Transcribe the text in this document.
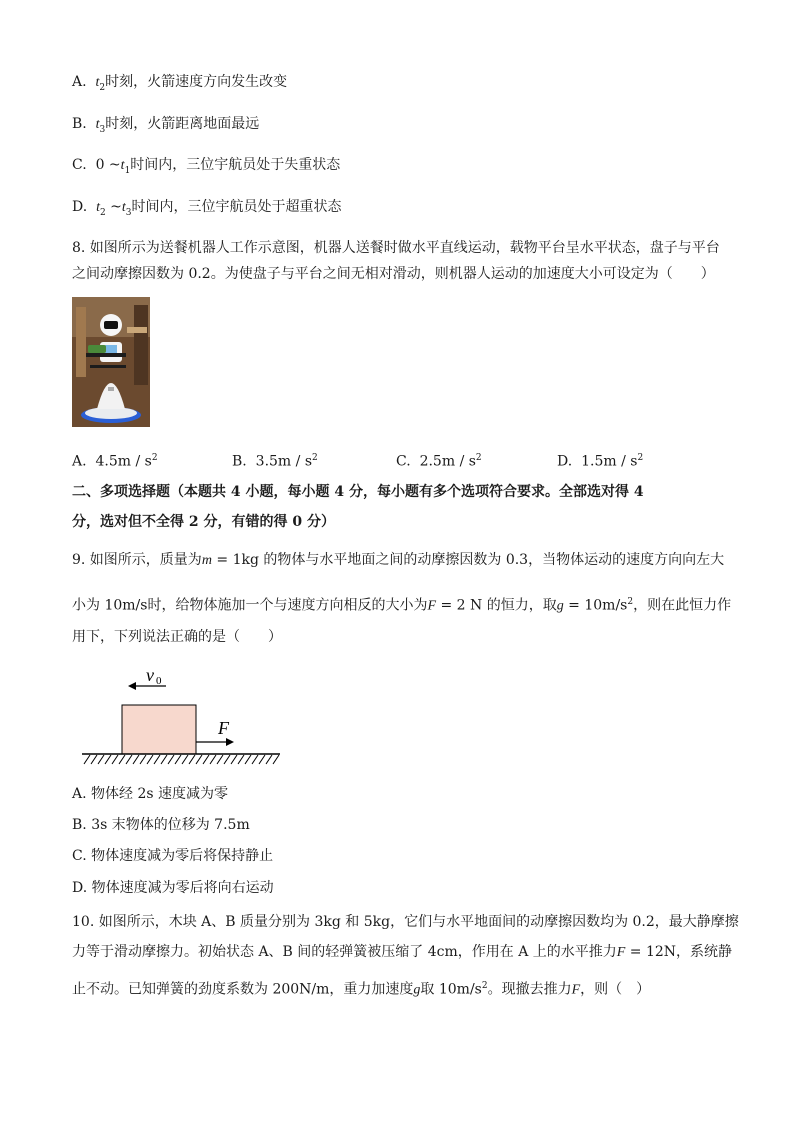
A. $t_2$时刻，火箭速度方向发生改变
B. $t_3$时刻，火箭距离地面最远
C. 0 $\sim t_1$时间内，三位宇航员处于失重状态
D. $t_2$ $\sim t_3$时间内，三位宇航员处于超重状态
8. 如图所示为送餐机器人工作示意图，机器人送餐时做水平直线运动，载物平台呈水平状态，盘子与平台
之间动摩擦因数为 0.2。为使盘子与平台之间无相对滑动，则机器人运动的加速度大小可设定为（　　）
A. $4.5m / s^2$	B. $3.5m / s^2$	C. $2.5m / s^2$	D. $1.5m / s^2$
二、多项选择题（本题共 4 小题，每小题 4 分，每小题有多个选项符合要求。全部选对得 4
分，选对但不全得 2 分，有错的得 0 分）
9. 如图所示，质量为m = 1kg 的物体与水平地面之间的动摩擦因数为 0.3，当物体运动的速度方向向左大
小为 10m/s时，给物体施加一个与速度方向相反的大小为F = 2 N 的恒力，取$g = 10m/s^2$，则在此恒力作
用下，下列说法正确的是（　　）
v 0
F
A. 物体经 2s 速度减为零
B. 3s 末物体的位移为 7.5m
C. 物体速度减为零后将保持静止
D. 物体速度减为零后将向右运动
10. 如图所示，木块 A、B 质量分别为 3kg 和 5kg，它们与水平地面间的动摩擦因数均为 0.2，最大静摩擦
力等于滑动摩擦力。初始状态 A、B 间的轻弹簧被压缩了 4cm，作用在 A 上的水平推力F = 12N，系统静
止不动。已知弹簧的劲度系数为 200N/m，重力加速度g取 $10m/s^2$。现撤去推力F，则（　）
